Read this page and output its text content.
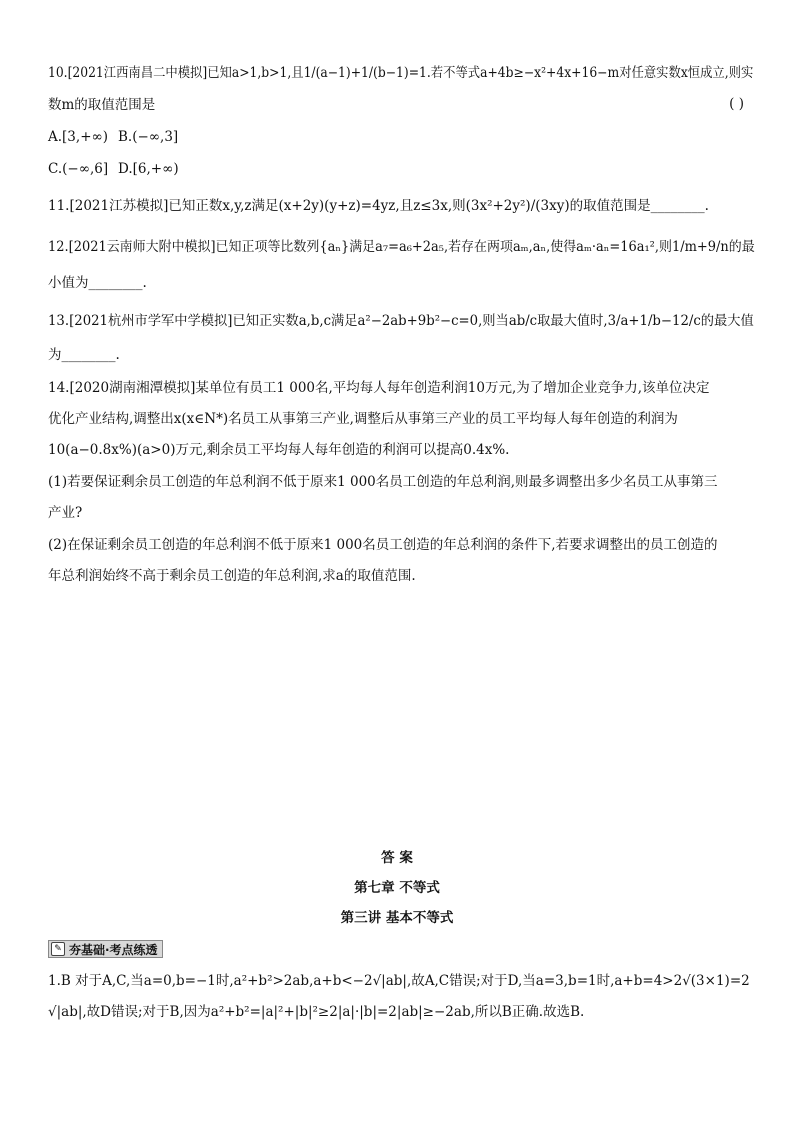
10.[2021江西南昌二中模拟]已知a>1,b>1,且1/(a−1)+1/(b−1)=1.若不等式a+4b≥−x²+4x+16−m对任意实数x恒成立,则实
数m的取值范围是	( )
A.[3,+∞) B.(−∞,3]
C.(−∞,6] D.[6,+∞)
11.[2021江苏模拟]已知正数x,y,z满足(x+2y)(y+z)=4yz,且z≤3x,则(3x²+2y²)/(3xy)的取值范围是________.
12.[2021云南师大附中模拟]已知正项等比数列{aₙ}满足a₇=a₆+2a₅,若存在两项aₘ,aₙ,使得aₘ·aₙ=16a₁²,则1/m+9/n的最
小值为________.
13.[2021杭州市学军中学模拟]已知正实数a,b,c满足a²−2ab+9b²−c=0,则当ab/c取最大值时,3/a+1/b−12/c的最大值
为________.
14.[2020湖南湘潭模拟]某单位有员工1 000名,平均每人每年创造利润10万元,为了增加企业竞争力,该单位决定
优化产业结构,调整出x(x∈N*)名员工从事第三产业,调整后从事第三产业的员工平均每人每年创造的利润为
10(a−0.8x%)(a>0)万元,剩余员工平均每人每年创造的利润可以提高0.4x%.
(1)若要保证剩余员工创造的年总利润不低于原来1 000名员工创造的年总利润,则最多调整出多少名员工从事第三
产业?
(2)在保证剩余员工创造的年总利润不低于原来1 000名员工创造的年总利润的条件下,若要求调整出的员工创造的
年总利润始终不高于剩余员工创造的年总利润,求a的取值范围.
答 案
第七章 不等式
第三讲 基本不等式
✎ 夯基础·考点练透
1.B 对于A,C,当a=0,b=−1时,a²+b²>2ab,a+b<−2√|ab|,故A,C错误;对于D,当a=3,b=1时,a+b=4>2√(3×1)=2
√|ab|,故D错误;对于B,因为a²+b²=|a|²+|b|²≥2|a|·|b|=2|ab|≥−2ab,所以B正确.故选B.
